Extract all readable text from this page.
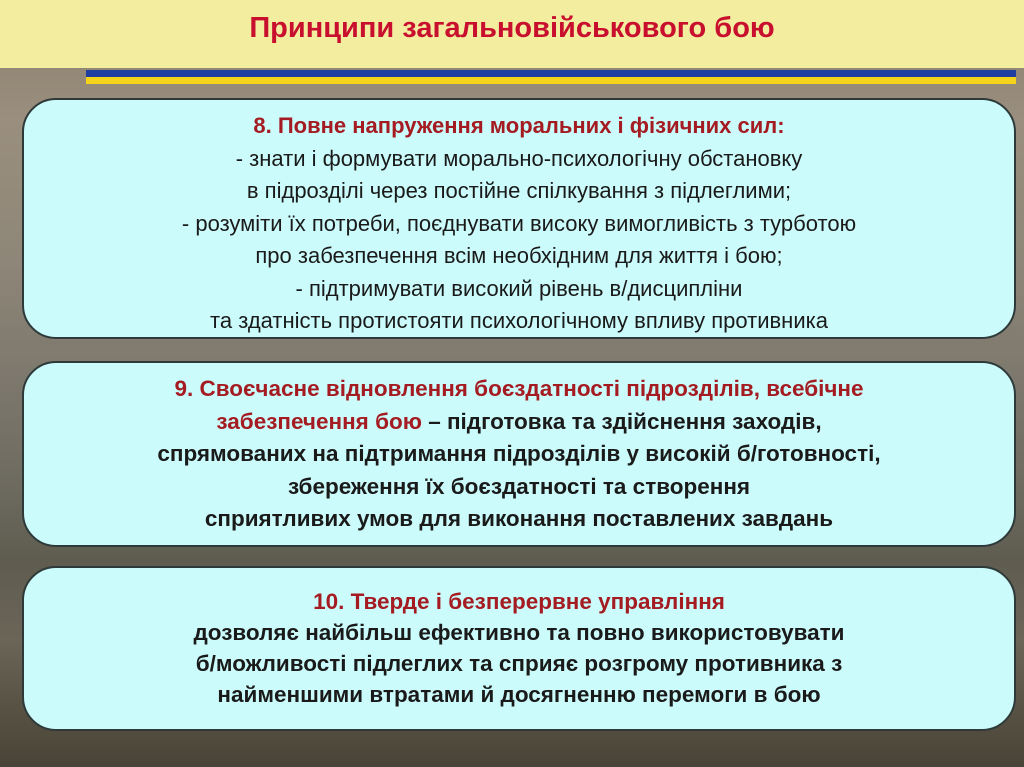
Принципи загальновійськового бою
8. Повне напруження моральних і фізичних сил:
- знати і формувати морально-психологічну обстановку
в підрозділі через постійне спілкування з підлеглими;
- розуміти їх потреби, поєднувати високу вимогливість з турботою
про забезпечення всім необхідним для життя і бою;
- підтримувати високий рівень в/дисципліни
та здатність протистояти психологічному впливу противника
9. Своєчасне відновлення боєздатності підрозділів, всебічне
забезпечення бою – підготовка та здійснення заходів,
спрямованих на підтримання підрозділів у високій б/готовності,
збереження їх боєздатності та створення
сприятливих умов для виконання поставлених завдань
10. Тверде і безперервне управління
дозволяє найбільш ефективно та повно використовувати
б/можливості підлеглих та сприяє розгрому противника з
найменшими втратами й досягненню перемоги в бою
